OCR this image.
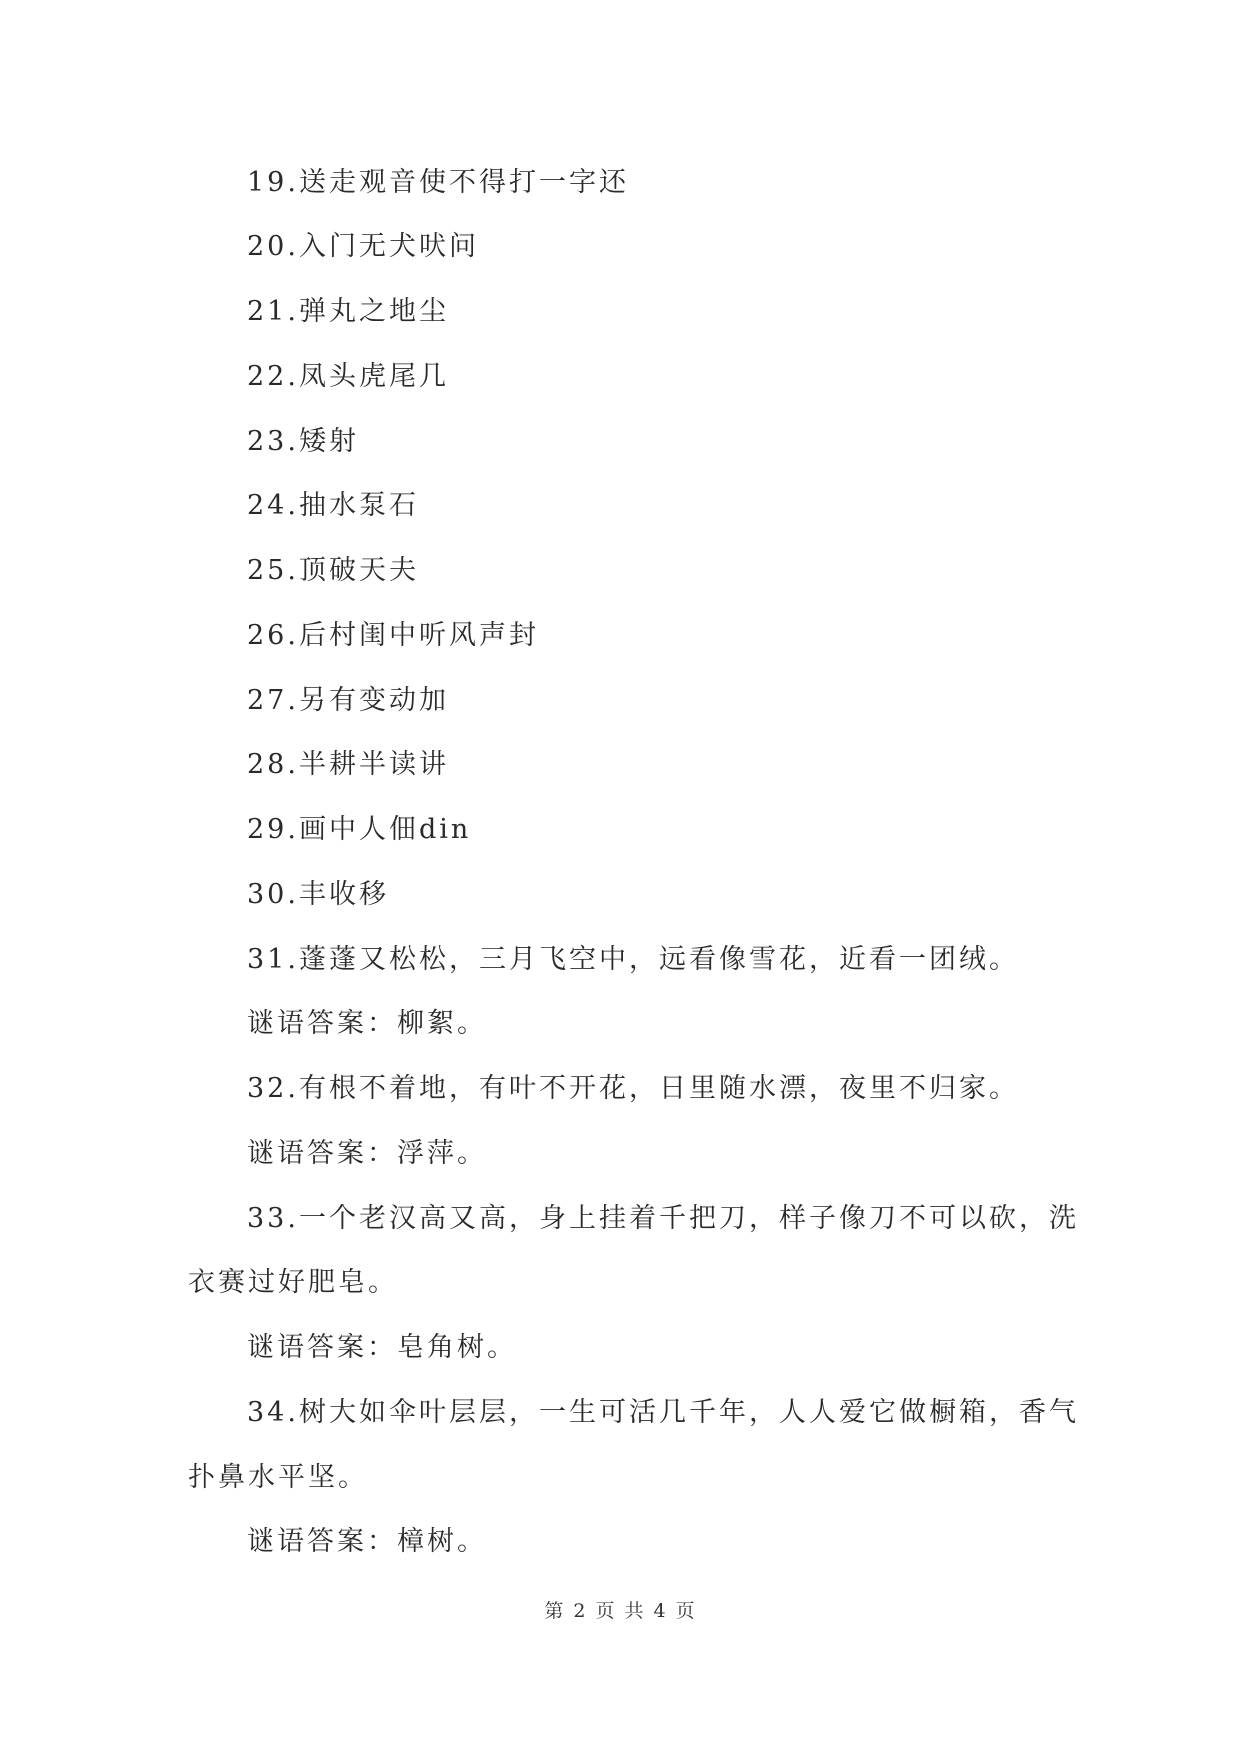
19.送走观音使不得打一字还
20.入门无犬吠问
21.弹丸之地尘
22.凤头虎尾几
23.矮射
24.抽水泵石
25.顶破天夫
26.后村闺中听风声封
27.另有变动加
28.半耕半读讲
29.画中人佃din
30.丰收移
31.蓬蓬又松松，三月飞空中，远看像雪花，近看一团绒。
谜语答案：柳絮。
32.有根不着地，有叶不开花，日里随水漂，夜里不归家。
谜语答案：浮萍。
33.一个老汉高又高，身上挂着千把刀，样子像刀不可以砍，洗
衣赛过好肥皂。
谜语答案：皂角树。
34.树大如伞叶层层，一生可活几千年，人人爱它做橱箱，香气
扑鼻水平坚。
谜语答案：樟树。
第 2 页 共 4 页
